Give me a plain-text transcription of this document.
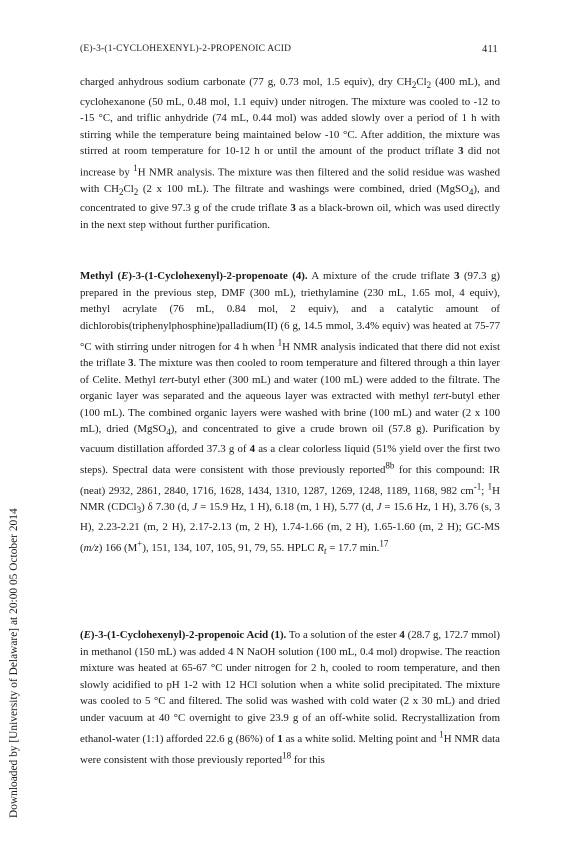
(E)-3-(1-CYCLOHEXENYL)-2-PROPENOIC ACID	411
Downloaded by [University of Delaware] at 20:00 05 October 2014

charged anhydrous sodium carbonate (77 g, 0.73 mol, 1.5 equiv), dry $CH_2Cl_2$ (400 mL), and cyclohexanone (50 mL, 0.48 mol, 1.1 equiv) under nitrogen. The mixture was cooled to -12 to -15 °C, and triflic anhydride (74 mL, 0.44 mol) was added slowly over a period of 1 h with stirring while the temperature being maintained below -10 °C. After addition, the mixture was stirred at room temperature for 10-12 h or until the amount of the product triflate 3 did not increase by $^1$H NMR analysis. The mixture was then filtered and the solid residue was washed with $CH_2Cl_2$ (2 x 100 mL). The filtrate and washings were combined, dried (MgSO$_4$), and concentrated to give 97.3 g of the crude triflate 3 as a black-brown oil, which was used directly in the next step without further purification.

Methyl (E)-3-(1-Cyclohexenyl)-2-propenoate (4). A mixture of the crude triflate 3 (97.3 g) prepared in the previous step, DMF (300 mL), triethylamine (230 mL, 1.65 mol, 4 equiv), methyl acrylate (76 mL, 0.84 mol, 2 equiv), and a catalytic amount of dichlorobis(triphenylphosphine)palladium(II) (6 g, 14.5 mmol, 3.4% equiv) was heated at 75-77 °C with stirring under nitrogen for 4 h when $^1$H NMR analysis indicated that there did not exist the triflate 3. The mixture was then cooled to room temperature and filtered through a thin layer of Celite. Methyl tert-butyl ether (300 mL) and water (100 mL) were added to the filtrate. The organic layer was separated and the aqueous layer was extracted with methyl tert-butyl ether (100 mL). The combined organic layers were washed with brine (100 mL) and water (2 x 100 mL), dried (MgSO$_4$), and concentrated to give a crude brown oil (57.8 g). Purification by vacuum distillation afforded 37.3 g of 4 as a clear colorless liquid (51% yield over the first two steps). Spectral data were consistent with those previously reported$^{8b}$ for this compound: IR (neat) 2932, 2861, 2840, 1716, 1628, 1434, 1310, 1287, 1269, 1248, 1189, 1168, 982 $cm^{-1}$; $^1$H NMR (CDCl$_3$) δ 7.30 (d, J = 15.9 Hz, 1 H), 6.18 (m, 1 H), 5.77 (d, J = 15.6 Hz, 1 H), 3.76 (s, 3 H), 2.23-2.21 (m, 2 H), 2.17-2.13 (m, 2 H), 1.74-1.66 (m, 2 H), 1.65-1.60 (m, 2 H); GC-MS (m/z) 166 (M+), 151, 134, 107, 105, 91, 79, 55. HPLC $R_t = 17.7$ min.$^{17}$

(E)-3-(1-Cyclohexenyl)-2-propenoic Acid (1). To a solution of the ester 4 (28.7 g, 172.7 mmol) in methanol (150 mL) was added 4 N NaOH solution (100 mL, 0.4 mol) dropwise. The reaction mixture was heated at 65-67 °C under nitrogen for 2 h, cooled to room temperature, and then slowly acidified to pH 1-2 with 12 HCl solution when a white solid precipitated. The mixture was cooled to 5 °C and filtered. The solid was washed with cold water (2 x 30 mL) and dried under vacuum at 40 °C overnight to give 23.9 g of an off-white solid. Recrystallization from ethanol-water (1:1) afforded 22.6 g (86%) of 1 as a white solid. Melting point and $^1$H NMR data were consistent with those previously reported$^{18}$ for this
